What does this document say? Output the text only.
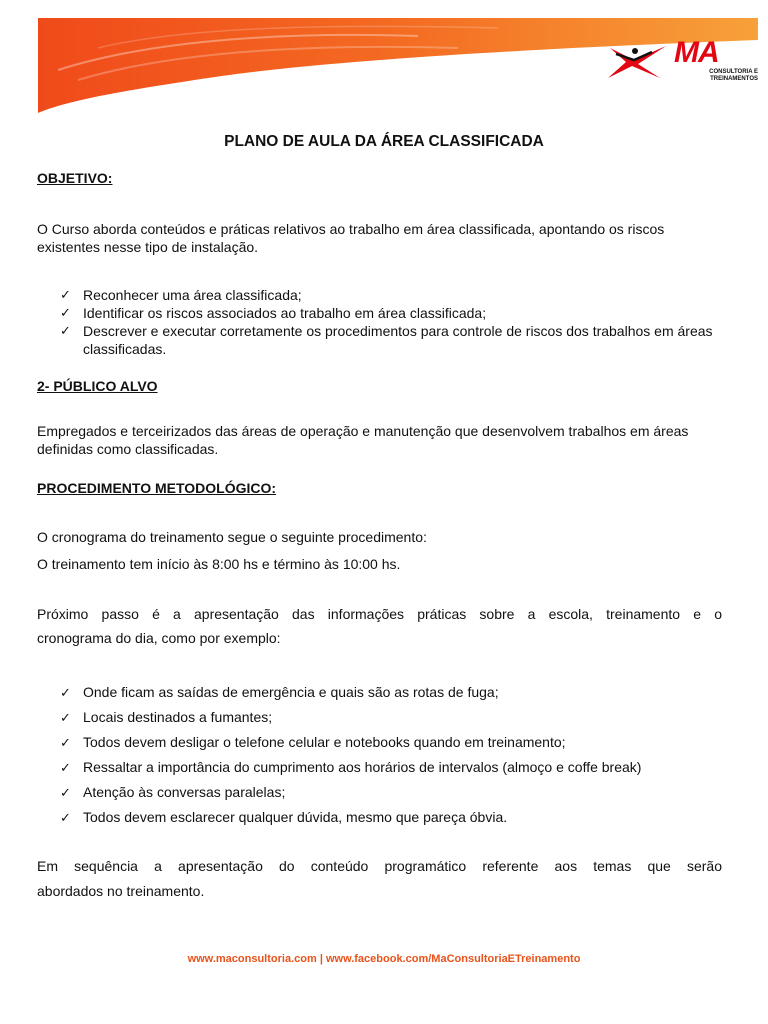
MA
CONSULTORIA E
TREINAMENTOS
PLANO DE AULA DA ÁREA CLASSIFICADA

OBJETIVO:

O Curso aborda conteúdos e práticas relativos ao trabalho em área classificada, apontando os riscos existentes nesse tipo de instalação.

✓ Reconhecer uma área classificada;
✓ Identificar os riscos associados ao trabalho em área classificada;
✓ Descrever e executar corretamente os procedimentos para controle de riscos dos trabalhos em áreas classificadas.

2- PÚBLICO ALVO

Empregados e terceirizados das áreas de operação e manutenção que desenvolvem trabalhos em áreas definidas como classificadas.

PROCEDIMENTO METODOLÓGICO:

O cronograma do treinamento segue o seguinte procedimento:

O treinamento tem início às 8:00 hs e término às 10:00 hs.

Próximo passo é a apresentação das informações práticas sobre a escola, treinamento e o

cronograma do dia, como por exemplo:

✓ Onde ficam as saídas de emergência e quais são as rotas de fuga;
✓ Locais destinados a fumantes;
✓ Todos devem desligar o telefone celular e notebooks quando em treinamento;
✓ Ressaltar a importância do cumprimento aos horários de intervalos (almoço e coffe break)
✓ Atenção às conversas paralelas;
✓ Todos devem esclarecer qualquer dúvida, mesmo que pareça óbvia.

Em sequência a apresentação do conteúdo programático referente aos temas que serão

abordados no treinamento.

www.maconsultoria.com | www.facebook.com/MaConsultoriaETreinamento
